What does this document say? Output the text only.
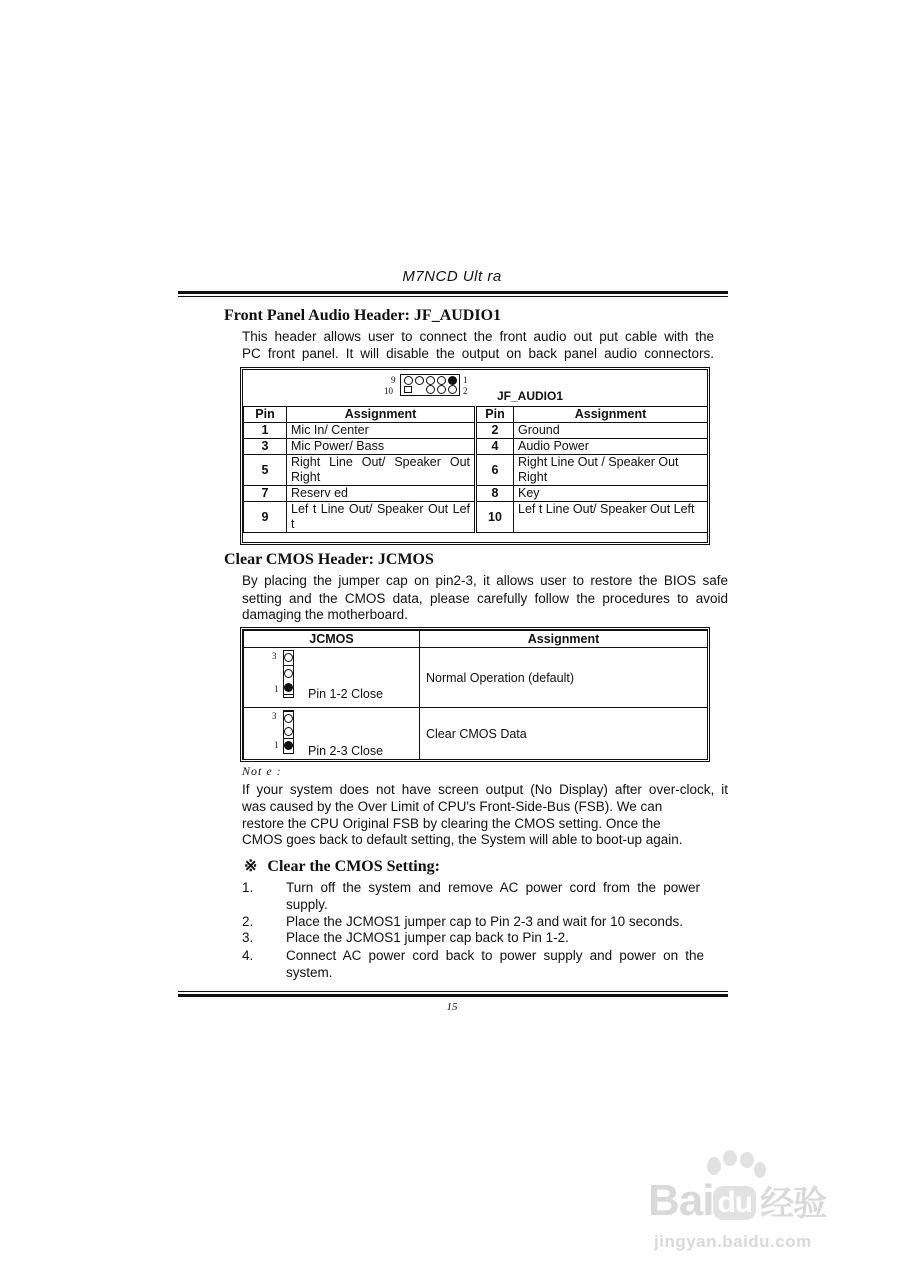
M7NCD Ult ra
Front Panel Audio Header: JF_AUDIO1
This header allows user to connect the front audio out put cable with the
PC front panel. It will disable the output on back panel audio connectors.
9
10
1
2 JF_AUDIO1
Pin	Assignment	Pin	Assignment
1	Mic In/ Center	2	Ground
3	Mic Power/ Bass	4	Audio Power
5	Right Line Out/ Speaker Out Right	6	Right Line Out / Speaker Out Right
7	Reserv ed	8	Key
9	Lef t Line Out/ Speaker Out Lef t	10	Lef t Line Out/ Speaker Out Left
Clear CMOS Header: JCMOS
By placing the jumper cap on pin2-3, it allows user to restore the BIOS safe
setting and the CMOS data, please carefully follow the procedures to avoid
damaging the motherboard.
JCMOS	Assignment

3
1 Pin 1-2 Close	Normal Operation (default)

3
1 Pin 2-3 Close	Clear CMOS Data
Not e :
If your system does not have screen output (No Display) after over-clock, it
was caused by the Over Limit of CPU's Front-Side-Bus (FSB). We can
restore the CPU Original FSB by clearing the CMOS setting. Once the
CMOS goes back to default setting, the System will able to boot-up again.
※ Clear the CMOS Setting:
1. Turn off the system and remove AC power cord from the power
supply.
2. Place the JCMOS1 jumper cap to Pin 2-3 and wait for 10 seconds.
3. Place the JCMOS1 jumper cap back to Pin 1-2.
4. Connect AC power cord back to power supply and power on the
system.
15
Bai du 经验
jingyan.baidu.com
